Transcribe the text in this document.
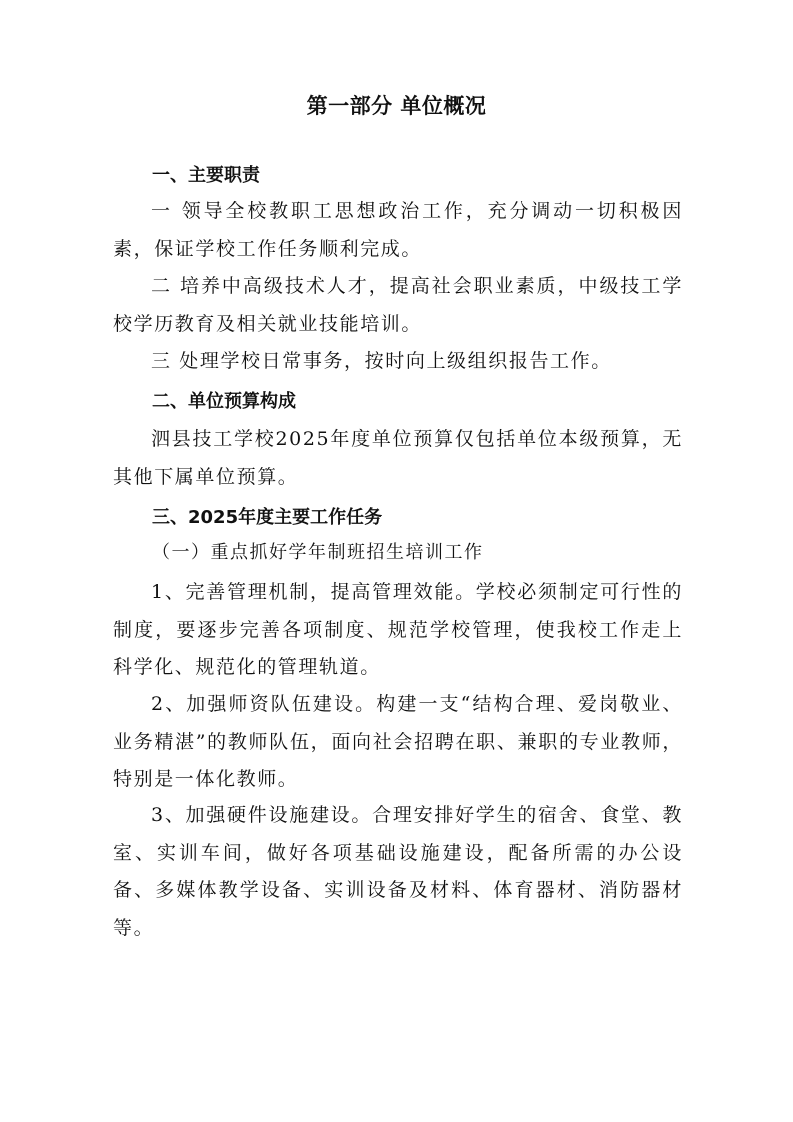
第一部分 单位概况
一、主要职责

一 领导全校教职工思想政治工作，充分调动一切积极因素，保证学校工作任务顺利完成。

二 培养中高级技术人才，提高社会职业素质，中级技工学校学历教育及相关就业技能培训。

三 处理学校日常事务，按时向上级组织报告工作。

二、单位预算构成

泗县技工学校2025年度单位预算仅包括单位本级预算，无其他下属单位预算。

三、2025年度主要工作任务
（一）重点抓好学年制班招生培训工作

1、完善管理机制，提高管理效能。学校必须制定可行性的制度，要逐步完善各项制度、规范学校管理，使我校工作走上科学化、规范化的管理轨道。

2、加强师资队伍建设。构建一支“结构合理、爱岗敬业、业务精湛”的教师队伍，面向社会招聘在职、兼职的专业教师，特别是一体化教师。

3、加强硬件设施建设。合理安排好学生的宿舍、食堂、教室、实训车间，做好各项基础设施建设，配备所需的办公设备、多媒体教学设备、实训设备及材料、体育器材、消防器材等。
